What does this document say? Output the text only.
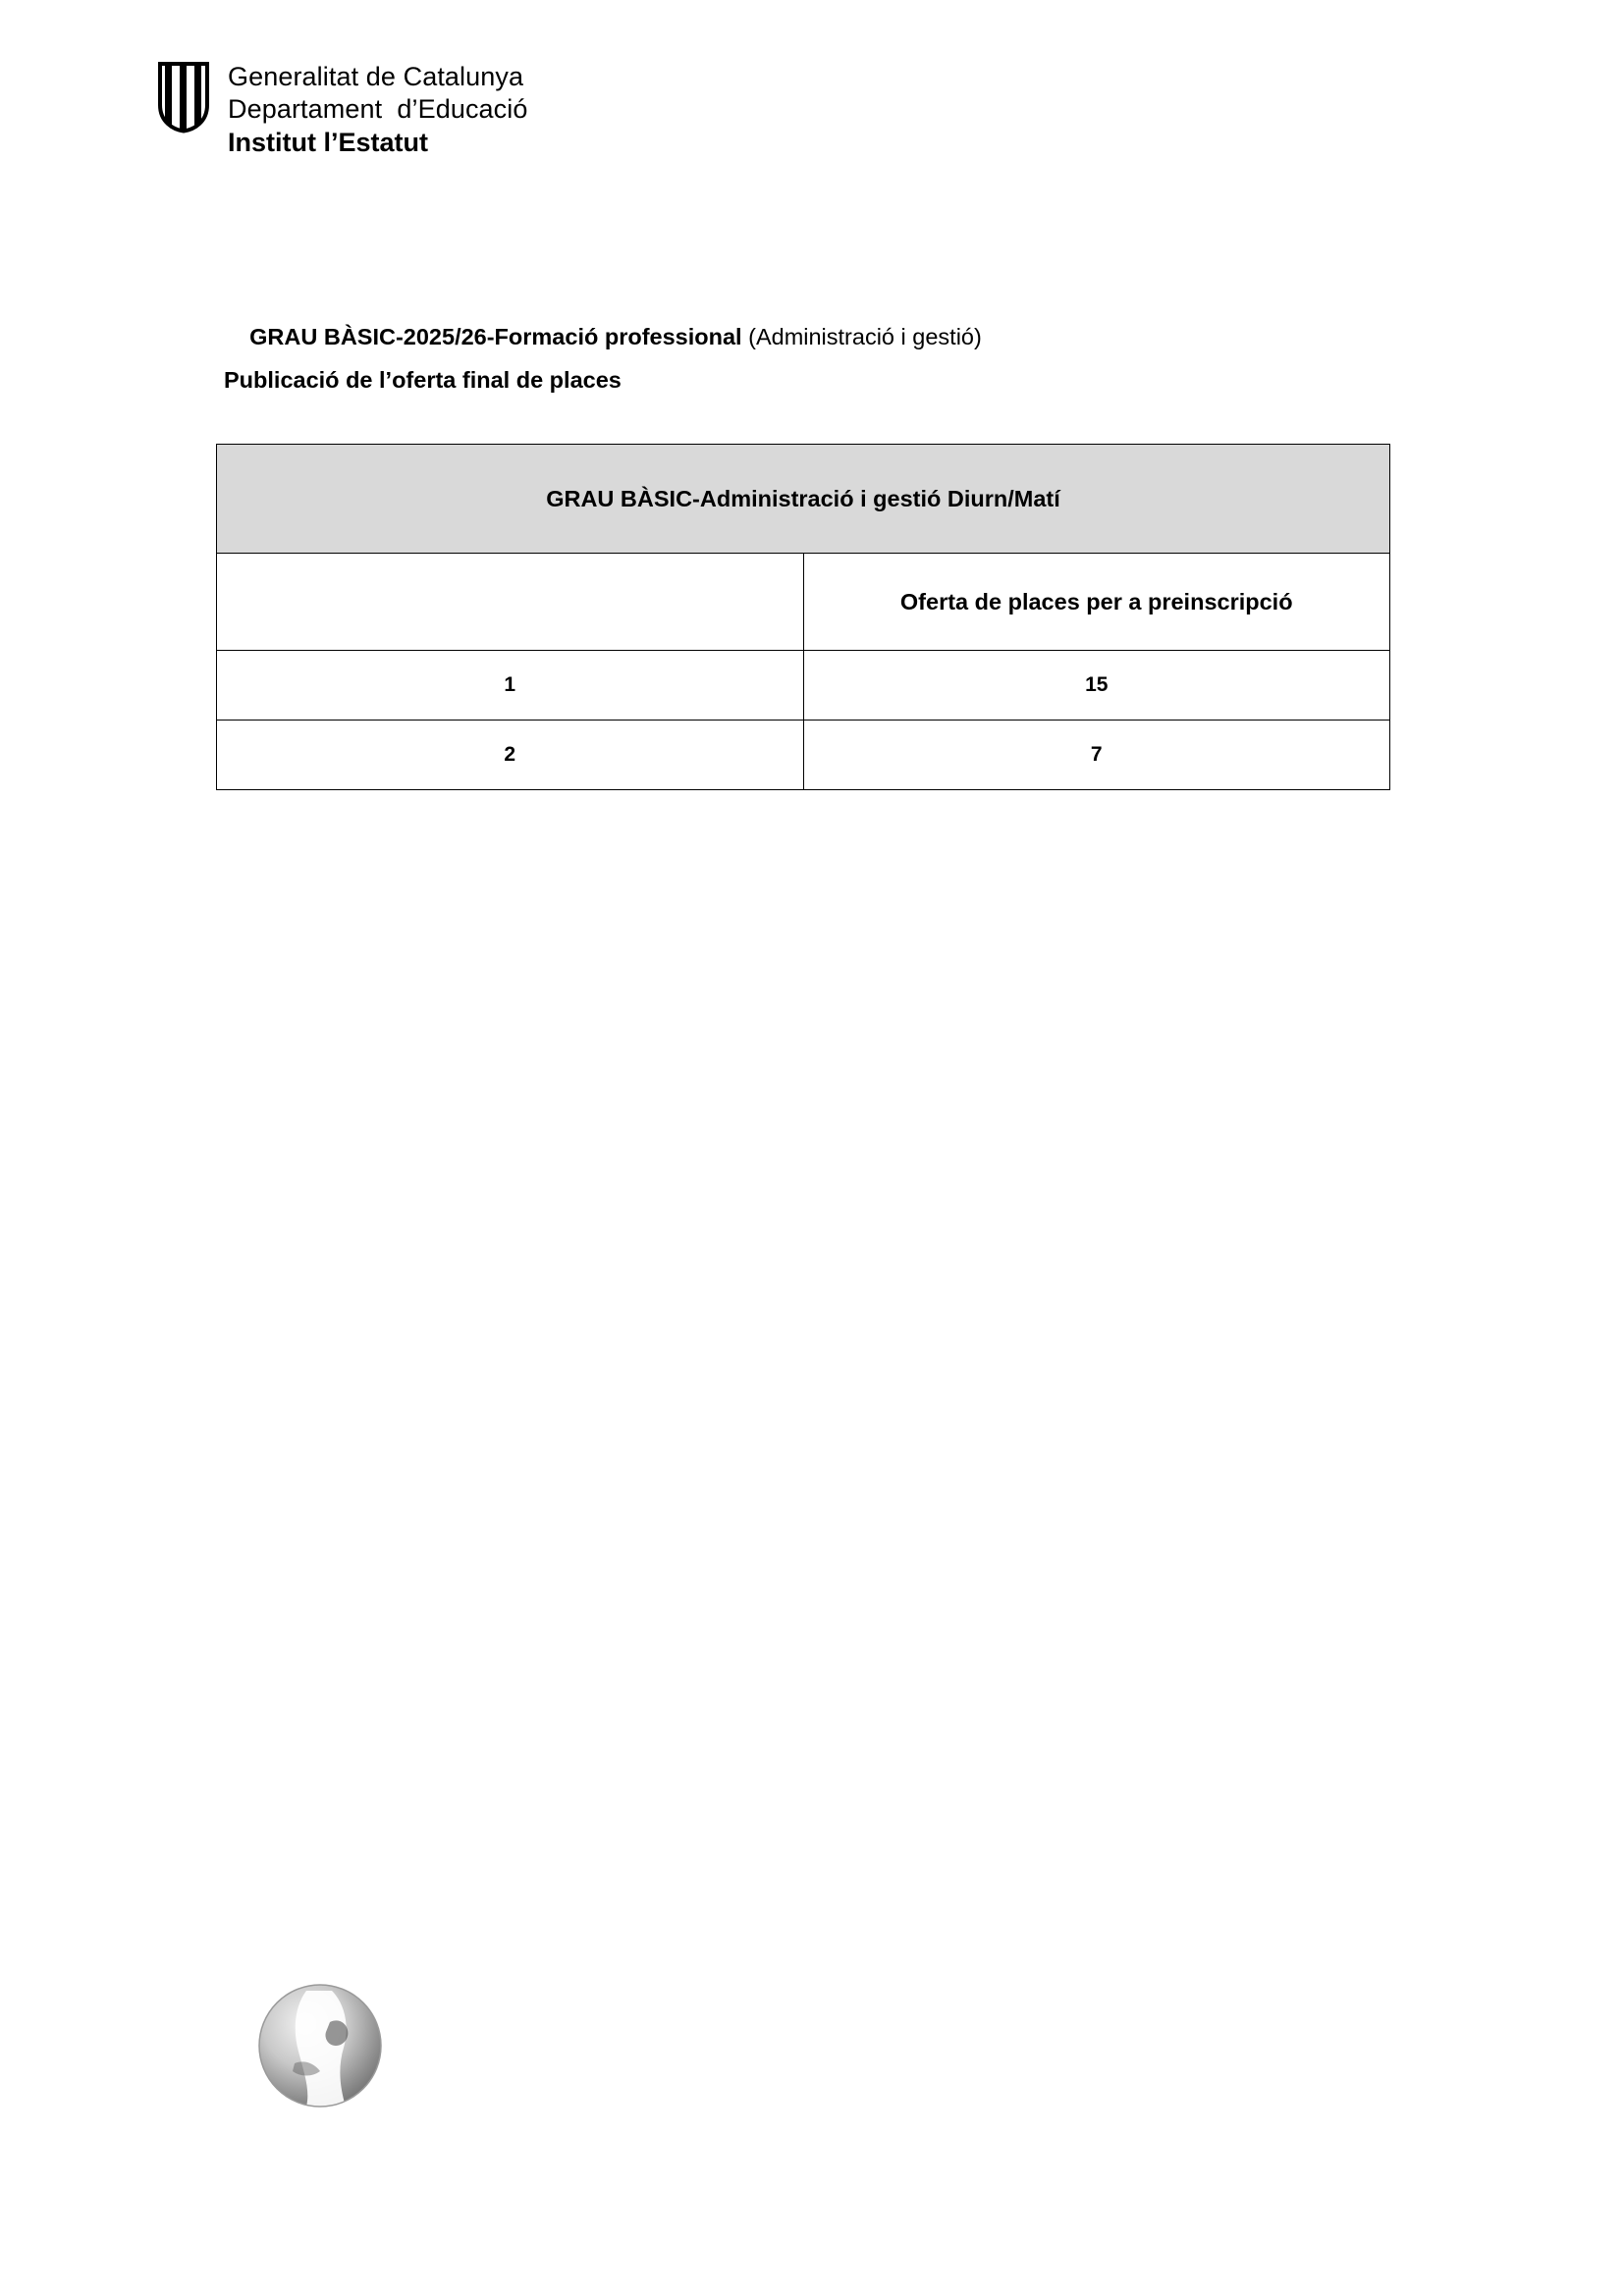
Generalitat de Catalunya
Departament  d’Educació
Institut l’Estatut

GRAU BÀSIC-2025/26-Formació professional (Administració i gestió)

Publicació de l’oferta final de places
GRAU BÀSIC-Administració i gestió Diurn/Matí	
	Oferta de places per a preinscripció
1	15
2	7
